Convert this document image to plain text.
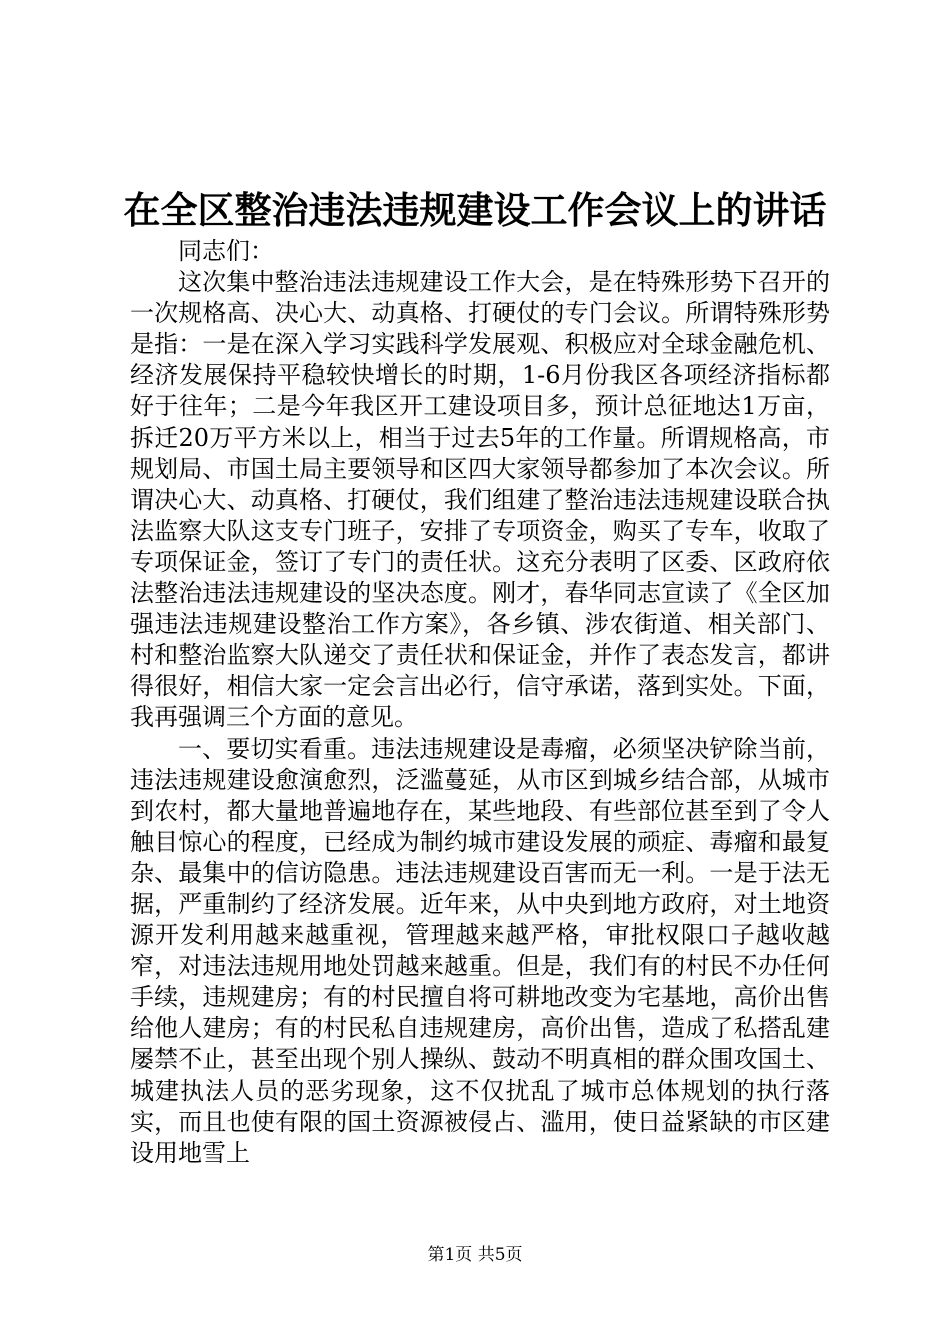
在全区整治违法违规建设工作会议上的讲话

同志们：

这次集中整治违法违规建设工作大会，是在特殊形势下召开的一次规格高、决心大、动真格、打硬仗的专门会议。所谓特殊形势是指：一是在深入学习实践科学发展观、积极应对全球金融危机、经济发展保持平稳较快增长的时期，1-6月份我区各项经济指标都好于往年；二是今年我区开工建设项目多，预计总征地达1万亩，拆迁20万平方米以上，相当于过去5年的工作量。所谓规格高，市规划局、市国土局主要领导和区四大家领导都参加了本次会议。所谓决心大、动真格、打硬仗，我们组建了整治违法违规建设联合执法监察大队这支专门班子，安排了专项资金，购买了专车，收取了专项保证金，签订了专门的责任状。这充分表明了区委、区政府依法整治违法违规建设的坚决态度。刚才，春华同志宣读了《全区加强违法违规建设整治工作方案》，各乡镇、涉农街道、相关部门、村和整治监察大队递交了责任状和保证金，并作了表态发言，都讲得很好，相信大家一定会言出必行，信守承诺，落到实处。下面，我再强调三个方面的意见。

一、要切实看重。违法违规建设是毒瘤，必须坚决铲除当前，违法违规建设愈演愈烈，泛滥蔓延，从市区到城乡结合部，从城市到农村，都大量地普遍地存在，某些地段、有些部位甚至到了令人触目惊心的程度，已经成为制约城市建设发展的顽症、毒瘤和最复杂、最集中的信访隐患。违法违规建设百害而无一利。一是于法无据，严重制约了经济发展。近年来，从中央到地方政府，对土地资源开发利用越来越重视，管理越来越严格，审批权限口子越收越窄，对违法违规用地处罚越来越重。但是，我们有的村民不办任何手续，违规建房；有的村民擅自将可耕地改变为宅基地，高价出售给他人建房；有的村民私自违规建房，高价出售，造成了私搭乱建屡禁不止，甚至出现个别人操纵、鼓动不明真相的群众围攻国土、城建执法人员的恶劣现象，这不仅扰乱了城市总体规划的执行落实，而且也使有限的国土资源被侵占、滥用，使日益紧缺的市区建设用地雪上

第1页 共5页
